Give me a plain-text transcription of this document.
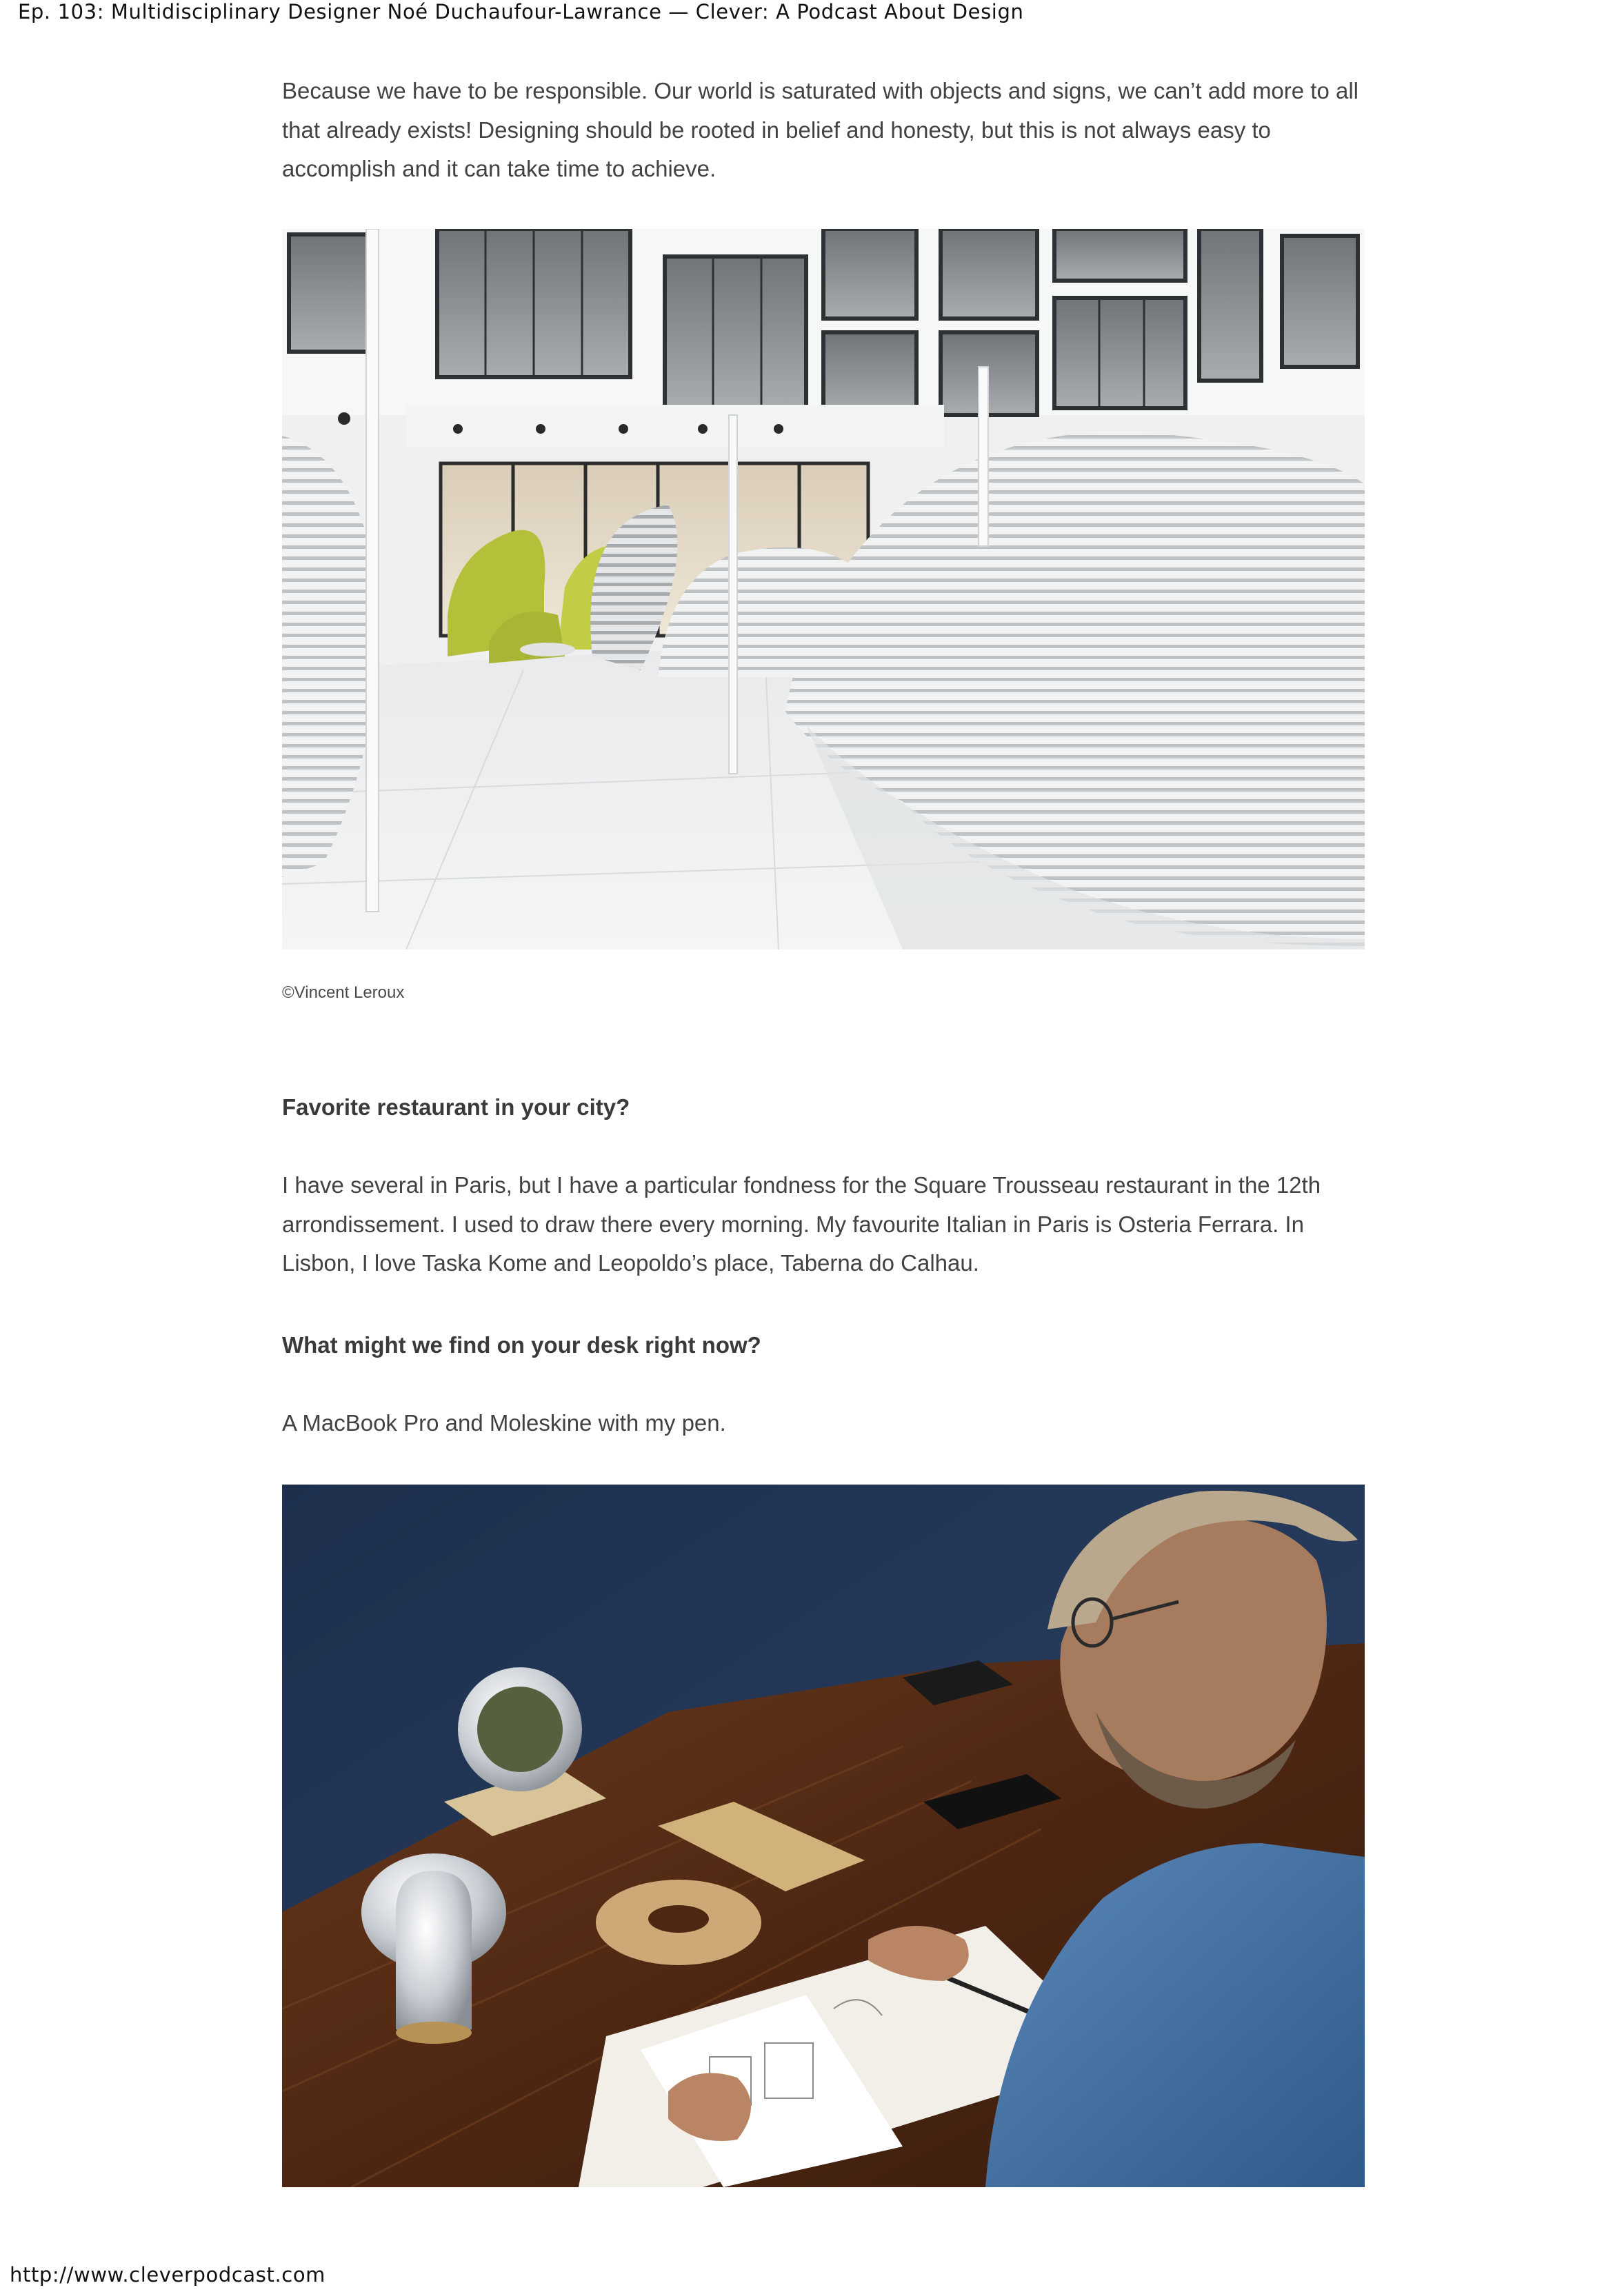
Ep. 103: Multidisciplinary Designer Noé Duchaufour-Lawrance — Clever: A Podcast About Design

Because we have to be responsible. Our world is saturated with objects and signs, we can’t add more to all that already exists! Designing should be rooted in belief and honesty, but this is not always easy to accomplish and it can take time to achieve.

©Vincent Leroux

Favorite restaurant in your city?

I have several in Paris, but I have a particular fondness for the Square Trousseau restaurant in the 12th arrondissement. I used to draw there every morning. My favourite Italian in Paris is Osteria Ferrara. In Lisbon, I love Taska Kome and Leopoldo’s place, Taberna do Calhau.

What might we find on your desk right now?

A MacBook Pro and Moleskine with my pen.

http://www.cleverpodcast.com
